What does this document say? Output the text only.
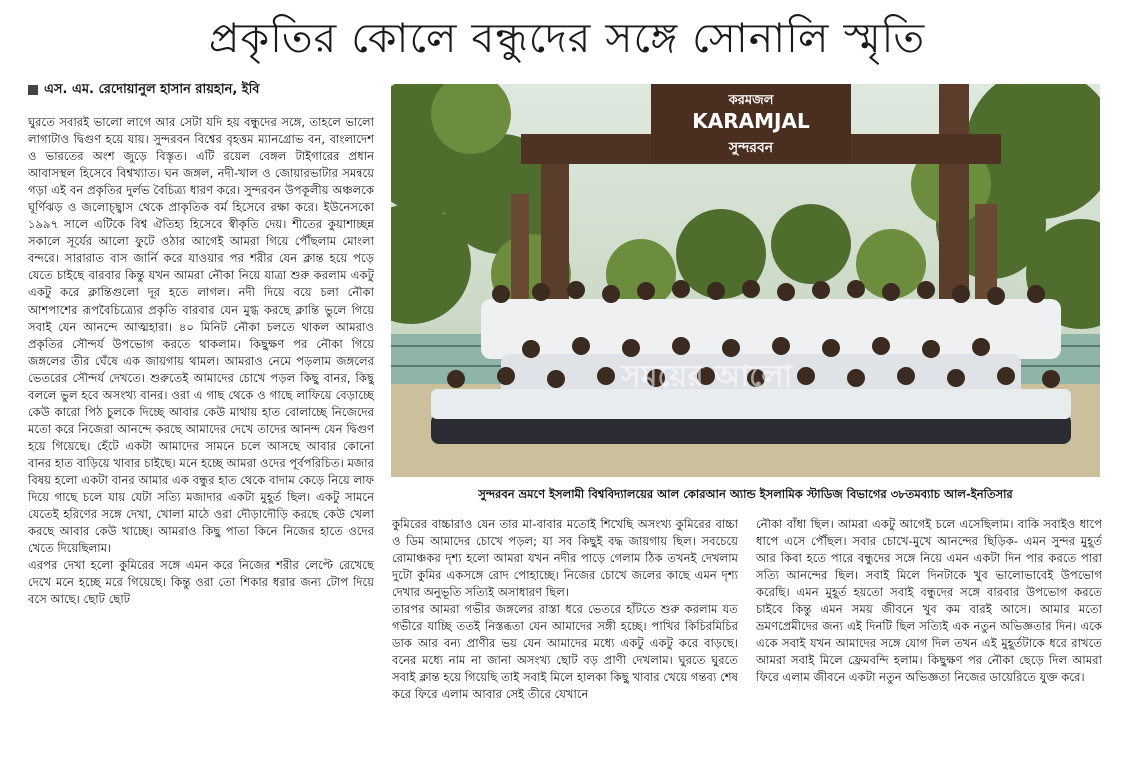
প্রকৃতির কোলে বন্ধুদের সঙ্গে সোনালি স্মৃতি
এস. এম. রেদোয়ানুল হাসান রায়হান, ইবি

ঘুরতে সবারই ভালো লাগে আর সেটা যদি হয় বন্ধুদের সঙ্গে, তাহলে ভালো লাগাটাও দ্বিগুণ হয়ে যায়। সুন্দরবন বিশ্বের বৃহত্তম ম্যানগ্রোভ বন, বাংলাদেশ ও ভারতের অংশ জুড়ে বিস্তৃত। এটি রয়েল বেঙ্গল টাইগারের প্রধান আবাসস্থল হিসেবে বিশ্বখ্যাত। ঘন জঙ্গল, নদী-খাল ও জোয়ারভাটার সমন্বয়ে গড়া এই বন প্রকৃতির দুর্লভ বৈচিত্র্য ধারণ করে। সুন্দরবন উপকূলীয় অঞ্চলকে ঘূর্ণিঝড় ও জলোচ্ছ্বাস থেকে প্রাকৃতিক বর্ম হিসেবে রক্ষা করে। ইউনেসকো ১৯৯৭ সালে এটিকে বিশ্ব ঐতিহ্য হিসেবে স্বীকৃতি দেয়। শীতের কুয়াশাচ্ছন্ন সকালে সূর্যের আলো ফুটে ওঠার আগেই আমরা গিয়ে পৌঁছলাম মোংলা বন্দরে। সারারাত বাস জার্নি করে যাওয়ার পর শরীর যেন ক্লান্ত হয়ে পড়ে যেতে চাইছে বারবার কিন্তু যখন আমরা নৌকা নিয়ে যাত্রা শুরু করলাম একটু একটু করে ক্লান্তিগুলো দূর হতে লাগল। নদী দিয়ে বয়ে চলা নৌকা আশপাশের রূপবৈচিত্র্যের প্রকৃতি বারবার যেন মুগ্ধ করছে ক্লান্তি ভুলে গিয়ে সবাই যেন আনন্দে আত্মহারা। ৪০ মিনিট নৌকা চলতে থাকল আমরাও প্রকৃতির সৌন্দর্য উপভোগ করতে থাকলাম। কিছুক্ষণ পর নৌকা গিয়ে জঙ্গলের তীর ঘেঁষে এক জায়গায় থামল। আমরাও নেমে পড়লাম জঙ্গলের ভেতরের সৌন্দর্য দেখতে। শুরুতেই আমাদের চোখে পড়ল কিছু বানর, কিছু বললে ভুল হবে অসংখ্য বানর। ওরা এ গাছ থেকে ও গাছে লাফিয়ে বেড়াচ্ছে কেউ কারো পিঠ চুলকে দিচ্ছে আবার কেউ মাথায় হাত বোলাচ্ছে নিজেদের মতো করে নিজেরা আনন্দে করছে আমাদের দেখে তাদের আনন্দ যেন দ্বিগুণ হয়ে গিয়েছে। হেঁটে একটা আমাদের সামনে চলে আসছে আবার কোনো বানর হাত বাড়িয়ে খাবার চাইছে। মনে হচ্ছে আমরা ওদের পূর্বপরিচিত। মজার বিষয় হলো একটা বানর আমার এক বন্ধুর হাত থেকে বাদাম কেড়ে নিয়ে লাফ দিয়ে গাছে চলে যায় যেটা সত্যি মজাদার একটা মুহূর্ত ছিল। একটু সামনে যেতেই হরিণের সঙ্গে দেখা, খোলা মাঠে ওরা দৌড়াদৌড়ি করছে কেউ খেলা করছে আবার কেউ খাচ্ছে। আমরাও কিছু পাতা কিনে নিজের হাতে ওদের খেতে দিয়েছিলাম।

এরপর দেখা হলো কুমিরের সঙ্গে এমন করে নিজের শরীর লেপ্টে রেখেছে দেখে মনে হচ্ছে মরে গিয়েছে। কিন্তু ওরা তো শিকার ধরার জন্য টোপ দিয়ে বসে আছে। ছোট ছোট

করমজল
KARAMJAL
সুন্দরবন
সময়ের আলো
সুন্দরবন ভ্রমণে ইসলামী বিশ্ববিদ্যালয়ের আল কোরআন অ্যান্ড ইসলামিক স্টাডিজ বিভাগের ৩৮তমব্যাচ আল-ইনতিসার

কুমিরের বাচ্চারাও যেন তার মা-বাবার মতোই শিখেছি অসংখ্য কুমিরের বাচ্চা ও ডিম আমাদের চোখে পড়ল; যা সব কিছুই বদ্ধ জায়গায় ছিল। সবচেয়ে রোমাঞ্চকর দৃশ্য হলো আমরা যখন নদীর পাড়ে গেলাম ঠিক তখনই দেখলাম দুটো কুমির একসঙ্গে রোদ পোহাচ্ছে। নিজের চোখে জলের কাছে এমন দৃশ্য দেখার অনুভূতি সত্যিই অসাধারণ ছিল।

তারপর আমরা গভীর জঙ্গলের রাস্তা ধরে ভেতরে হাঁটতে শুরু করলাম যত গভীরে যাচ্ছি ততই নিস্তব্ধতা যেন আমাদের সঙ্গী হচ্ছে। পাখির কিচিরমিচির ডাক আর বন্য প্রাণীর ভয় যেন আমাদের মধ্যে একটু একটু করে বাড়ছে। বনের মধ্যে নাম না জানা অসংখ্য ছোট বড় প্রাণী দেখলাম। ঘুরতে ঘুরতে সবাই ক্লান্ত হয়ে গিয়েছি তাই সবাই মিলে হালকা কিছু খাবার খেয়ে গন্তব্য শেষ করে ফিরে এলাম আবার সেই তীরে যেখানে

নৌকা বাঁধা ছিল। আমরা একটু আগেই চলে এসেছিলাম। বাকি সবাইও ধাপে ধাপে এসে পৌঁছল। সবার চোখে-মুখে আনন্দের ছিড়িক- এমন সুন্দর মুহূর্ত আর কিবা হতে পারে বন্ধুদের সঙ্গে নিয়ে এমন একটা দিন পার করতে পারা সত্যি আনন্দের ছিল। সবাই মিলে দিনটাকে খুব ভালোভাবেই উপভোগ করেছি। এমন মুহূর্ত হয়তো সবাই বন্ধুদের সঙ্গে বারবার উপভোগ করতে চাইবে কিন্তু এমন সময় জীবনে খুব কম বারই আসে। আমার মতো ভ্রমণপ্রেমীদের জন্য এই দিনটি ছিল সত্যিই এক নতুন অভিজ্ঞতার দিন। একে একে সবাই যখন আমাদের সঙ্গে যোগ দিল তখন এই মুহূর্তটাকে ধরে রাখতে আমরা সবাই মিলে ফ্রেমবন্দি হলাম। কিছুক্ষণ পর নৌকা ছেড়ে দিল আমরা ফিরে এলাম জীবনে একটা নতুন অভিজ্ঞতা নিজের ডায়েরিতে যুক্ত করে।
